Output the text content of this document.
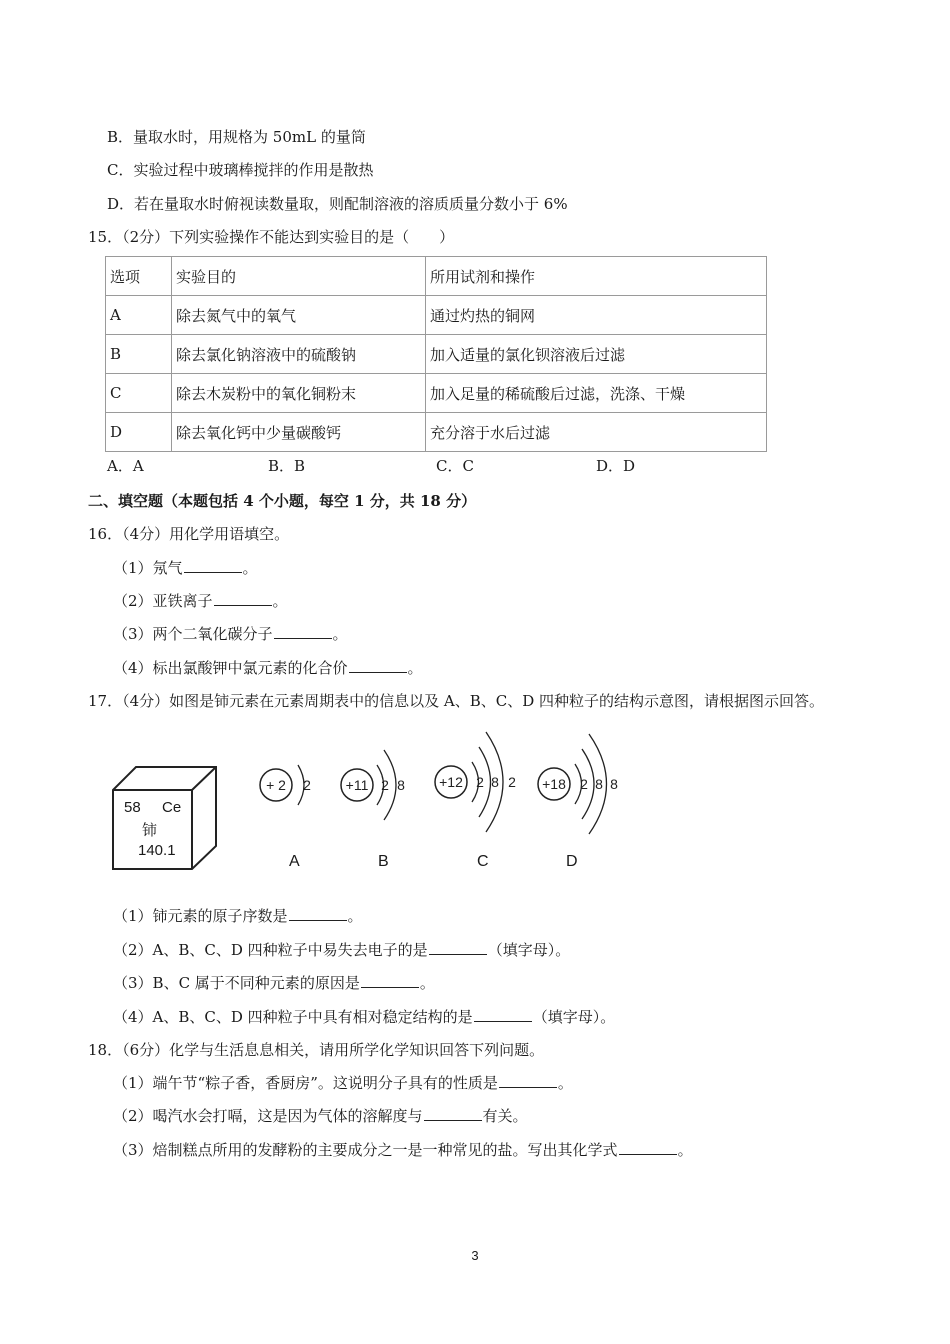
B．量取水时，用规格为 50mL 的量筒
C．实验过程中玻璃棒搅拌的作用是散热
D．若在量取水时俯视读数量取，则配制溶液的溶质质量分数小于 6%
15．（2分）下列实验操作不能达到实验目的是（　　）
选项	实验目的	所用试剂和操作
A	除去氮气中的氧气	通过灼热的铜网
B	除去氯化钠溶液中的硫酸钠	加入适量的氯化钡溶液后过滤
C	除去木炭粉中的氧化铜粉末	加入足量的稀硫酸后过滤，洗涤、干燥
D	除去氧化钙中少量碳酸钙	充分溶于水后过滤
A．A	B．B	C．C	D．D
二、填空题（本题包括 4 个小题，每空 1 分，共 18 分）
16．（4分）用化学用语填空。
（1）氖气	。
（2）亚铁离子	。
（3）两个二氧化碳分子	。
（4）标出氯酸钾中氯元素的化合价	。
17．（4分）如图是铈元素在元素周期表中的信息以及 A、B、C、D 四种粒子的结构示意图，请根据图示回答。
58 Ce
铈
140.1
+ 2 2 +11 2 8 +12 2 8 2 +18 2 8 8
A	B	C	D
（1）铈元素的原子序数是	。
（2）A、B、C、D 四种粒子中易失去电子的是	（填字母）。
（3）B、C 属于不同种元素的原因是	。
（4）A、B、C、D 四种粒子中具有相对稳定结构的是	（填字母）。
18．（6分）化学与生活息息相关，请用所学化学知识回答下列问题。
（1）端午节“粽子香，香厨房”。这说明分子具有的性质是	。
（2）喝汽水会打嗝，这是因为气体的溶解度与	有关。
（3）焙制糕点所用的发酵粉的主要成分之一是一种常见的盐。写出其化学式	。
3
